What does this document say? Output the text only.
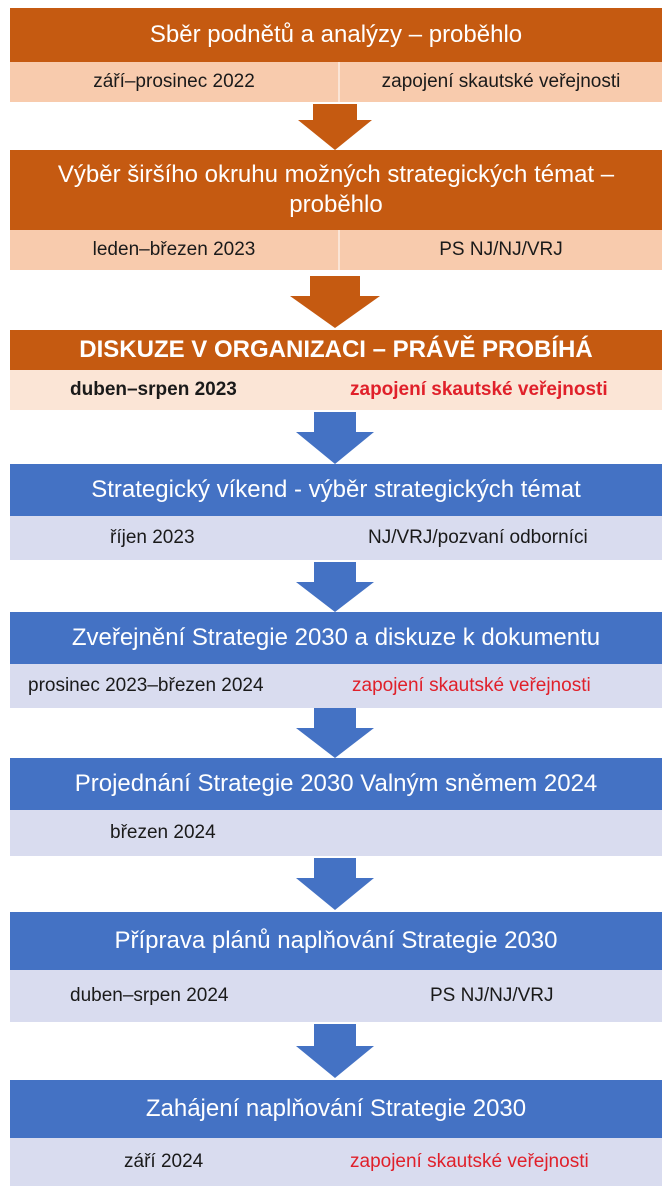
Sběr podnětů a analýzy – proběhlo
září–prosinec 2022	zapojení skautské veřejnosti
Výběr širšího okruhu možných strategických témat – proběhlo
leden–březen 2023	PS NJ/NJ/VRJ
DISKUZE V ORGANIZACI – PRÁVĚ PROBÍHÁ
duben–srpen 2023	zapojení skautské veřejnosti
Strategický víkend - výběr strategických témat
říjen 2023	NJ/VRJ/pozvaní odborníci
Zveřejnění Strategie 2030 a diskuze k dokumentu
prosinec 2023–březen 2024	zapojení skautské veřejnosti
Projednání Strategie 2030 Valným sněmem 2024
březen 2024
Příprava plánů naplňování Strategie 2030
duben–srpen 2024	PS NJ/NJ/VRJ
Zahájení naplňování Strategie 2030
září 2024	zapojení skautské veřejnosti
